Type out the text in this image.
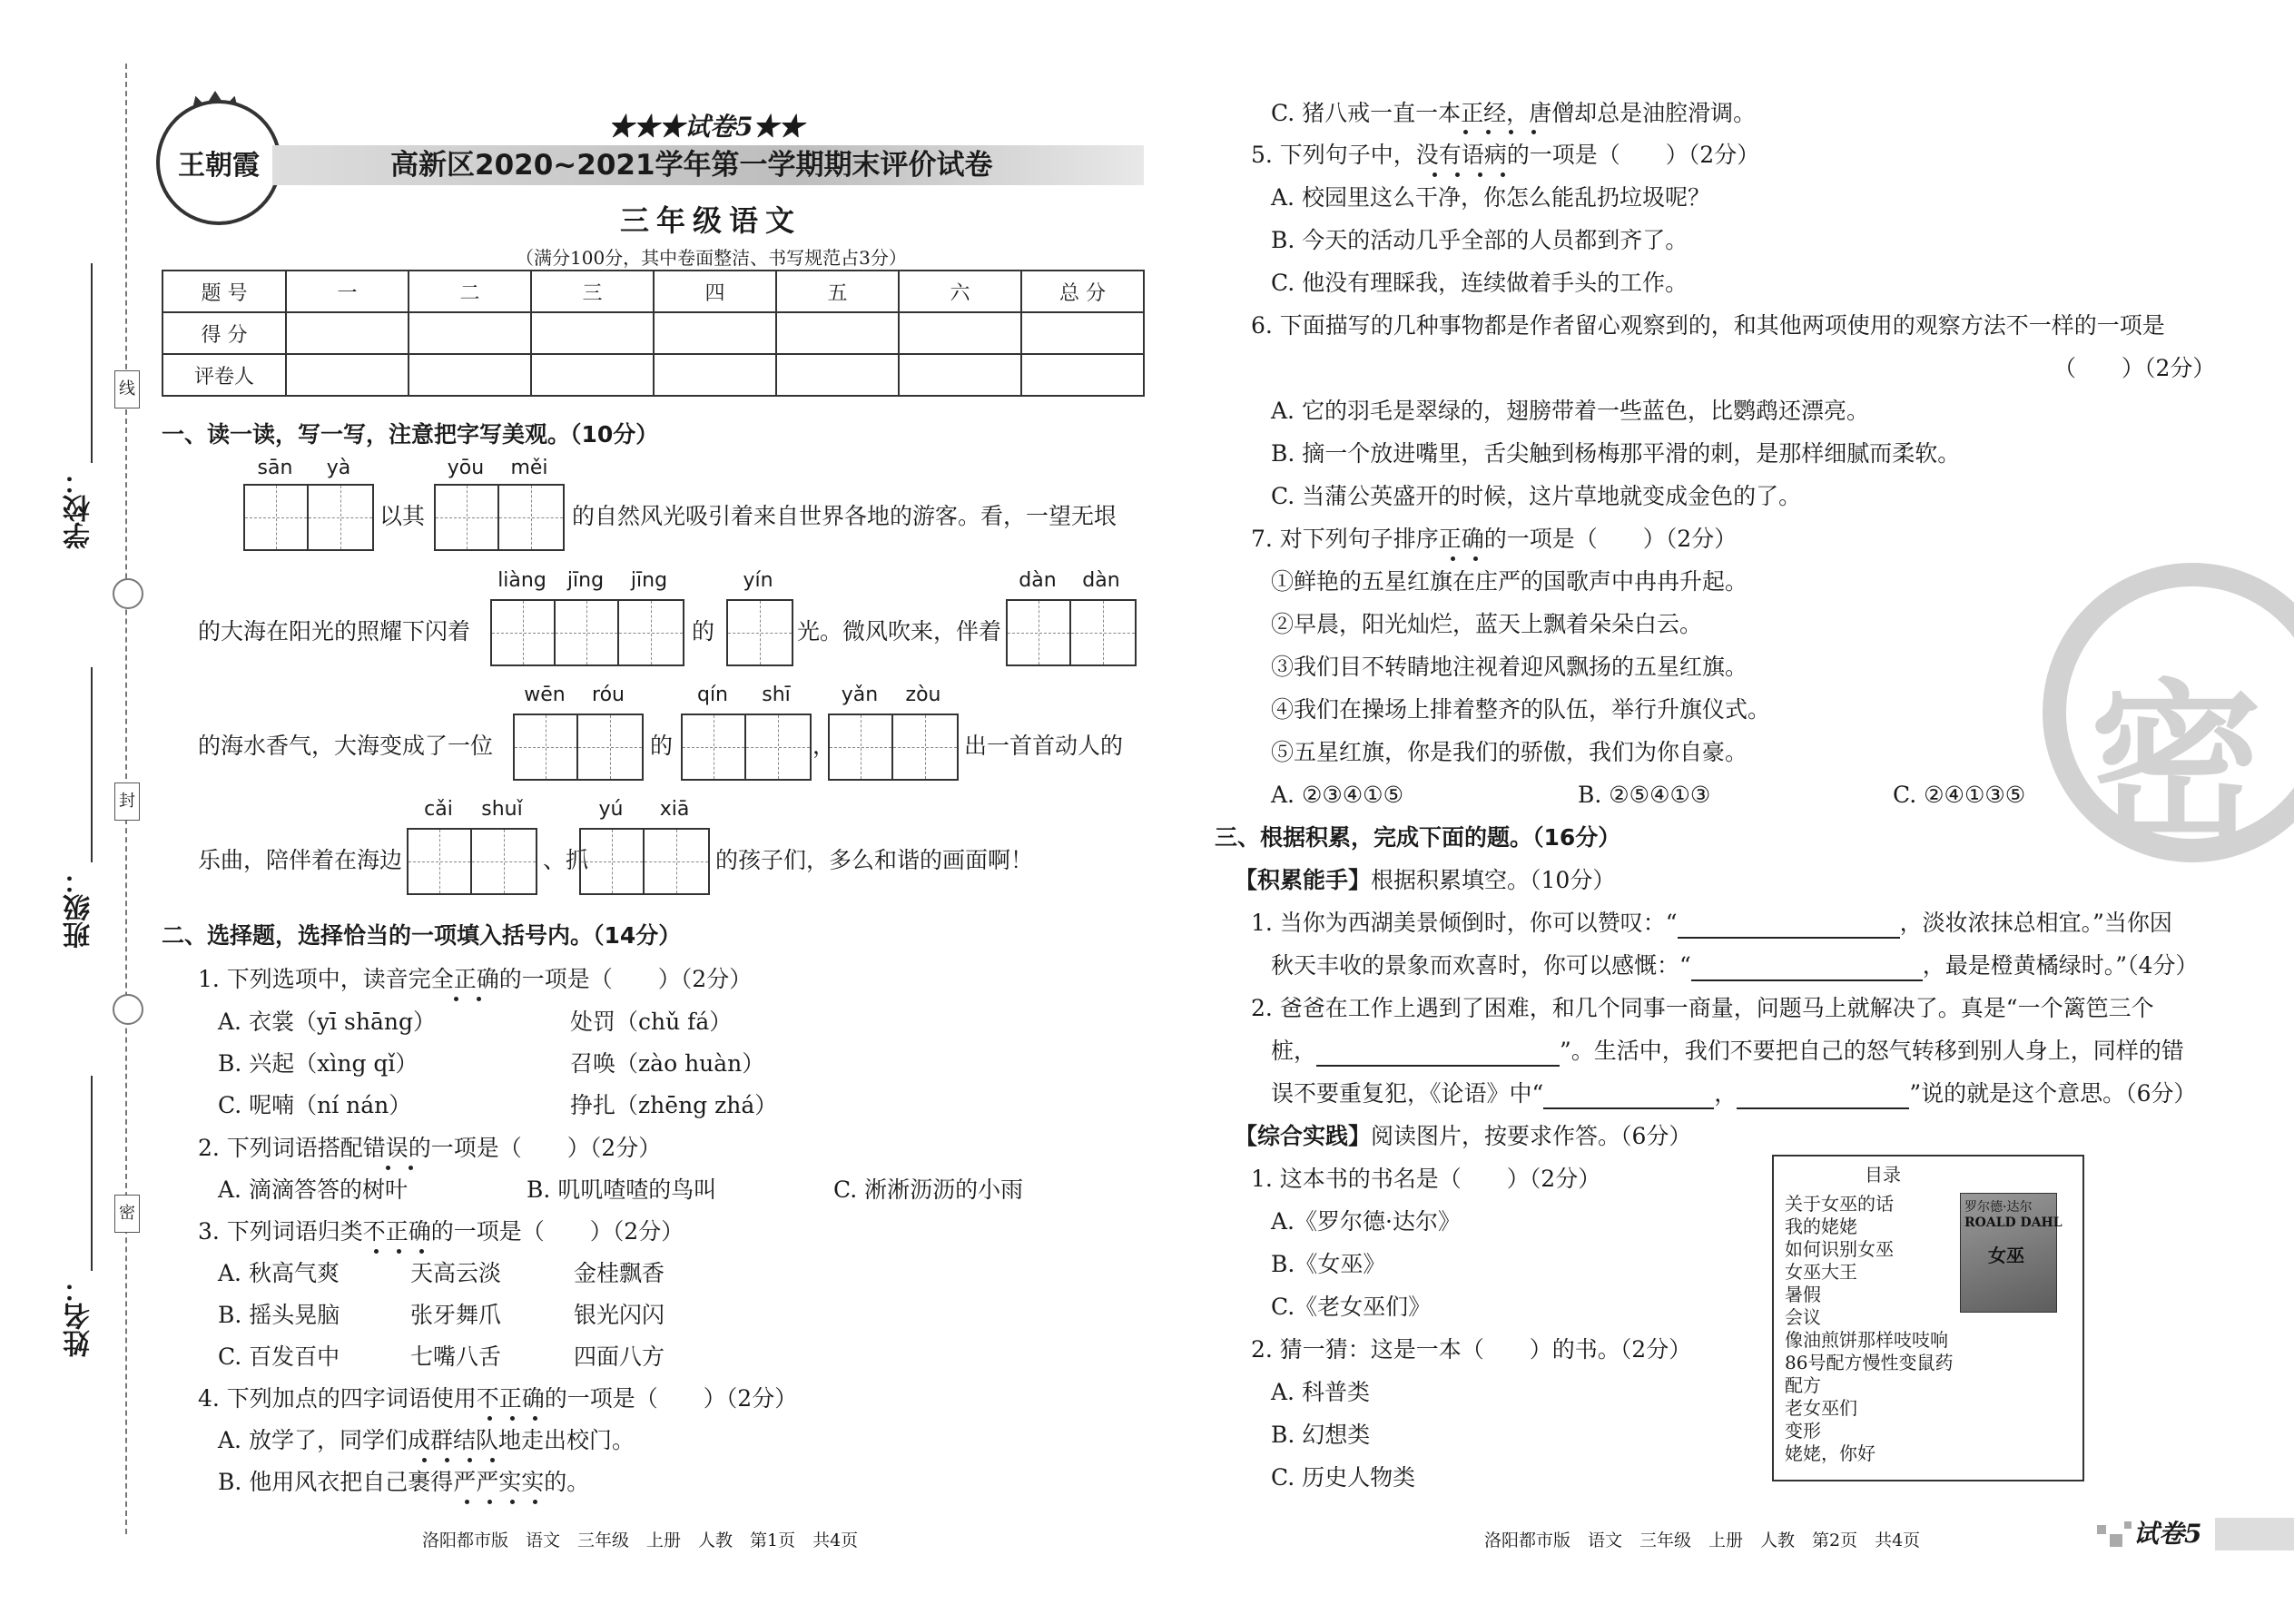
线
封
密
学校：
班级：
姓名：
王朝霞
★★★试卷5★★
高新区2020~2021学年第一学期期末评价试卷
三年级语文
（满分100分，其中卷面整洁、书写规范占3分）
题 号	一	二	三	四	五	六	总 分
得 分							
评卷人							
一、读一读，写一写，注意把字写美观。（10分）
sān	yà
以其
yōu	měi
的自然风光吸引着来自世界各地的游客。看，一望无垠
的大海在阳光的照耀下闪着
liàng	jīng	jīng
的
yín
光。微风吹来，伴着
dàn	dàn
的海水香气，大海变成了一位
wēn	róu
的
qín	shī
，
yǎn	zòu
出一首首动人的
乐曲，陪伴着在海边
cǎi	shuǐ
、抓
yú	xiā
的孩子们，多么和谐的画面啊！
二、选择题，选择恰当的一项填入括号内。（14分）
1. 下列选项中，读音完全正确的一项是（　　）（2分）
A. 衣裳（yī shāng）	处罚（chǔ fá）
B. 兴起（xìng qǐ）	召唤（zào huàn）
C. 呢喃（ní nán）	挣扎（zhēng zhá）
2. 下列词语搭配错误的一项是（　　）（2分）
A. 滴滴答答的树叶	B. 叽叽喳喳的鸟叫	C. 淅淅沥沥的小雨
3. 下列词语归类不正确的一项是（　　）（2分）
A. 秋高气爽	天高云淡	金桂飘香
B. 摇头晃脑	张牙舞爪	银光闪闪
C. 百发百中	七嘴八舌	四面八方
4. 下列加点的四字词语使用不正确的一项是（　　）（2分）
A. 放学了，同学们成群结队地走出校门。
B. 他用风衣把自己裹得严严实实的。
洛阳都市版　语文　三年级　上册　人教　第1页　共4页
密
C. 猪八戒一直一本正经，唐僧却总是油腔滑调。
5. 下列句子中，没有语病的一项是（　　）（2分）
A. 校园里这么干净，你怎么能乱扔垃圾呢？
B. 今天的活动几乎全部的人员都到齐了。
C. 他没有理睬我，连续做着手头的工作。
6. 下面描写的几种事物都是作者留心观察到的，和其他两项使用的观察方法不一样的一项是
（　　）（2分）
A. 它的羽毛是翠绿的，翅膀带着一些蓝色，比鹦鹉还漂亮。
B. 摘一个放进嘴里，舌尖触到杨梅那平滑的刺，是那样细腻而柔软。
C. 当蒲公英盛开的时候，这片草地就变成金色的了。
7. 对下列句子排序正确的一项是（　　）（2分）
①鲜艳的五星红旗在庄严的国歌声中冉冉升起。
②早晨，阳光灿烂，蓝天上飘着朵朵白云。
③我们目不转睛地注视着迎风飘扬的五星红旗。
④我们在操场上排着整齐的队伍，举行升旗仪式。
⑤五星红旗，你是我们的骄傲，我们为你自豪。
A. ②③④①⑤	B. ②⑤④①③	C. ②④①③⑤
三、根据积累，完成下面的题。（16分）
【积累能手】根据积累填空。（10分）
1. 当你为西湖美景倾倒时，你可以赞叹：“	，淡妆浓抹总相宜。”当你因
秋天丰收的景象而欢喜时，你可以感慨：“	，最是橙黄橘绿时。”（4分）
2. 爸爸在工作上遇到了困难，和几个同事一商量，问题马上就解决了。真是“一个篱笆三个
桩，	”。生活中，我们不要把自己的怒气转移到别人身上，同样的错
误不要重复犯，《论语》中“	，	”说的就是这个意思。（6分）
【综合实践】阅读图片，按要求作答。（6分）
1. 这本书的书名是（　　）（2分）
A.《罗尔德·达尔》
B.《女巫》
C.《老女巫们》
2. 猜一猜：这是一本（　　）的书。（2分）
A. 科普类
B. 幻想类
C. 历史人物类
目录
关于女巫的话
我的姥姥
如何识别女巫
女巫大王
暑假
会议
像油煎饼那样吱吱响
86号配方慢性变鼠药
配方
老女巫们
变形
姥姥，你好
罗尔德·达尔
ROALD DAHL
女巫
洛阳都市版　语文　三年级　上册　人教　第2页　共4页	试卷5
